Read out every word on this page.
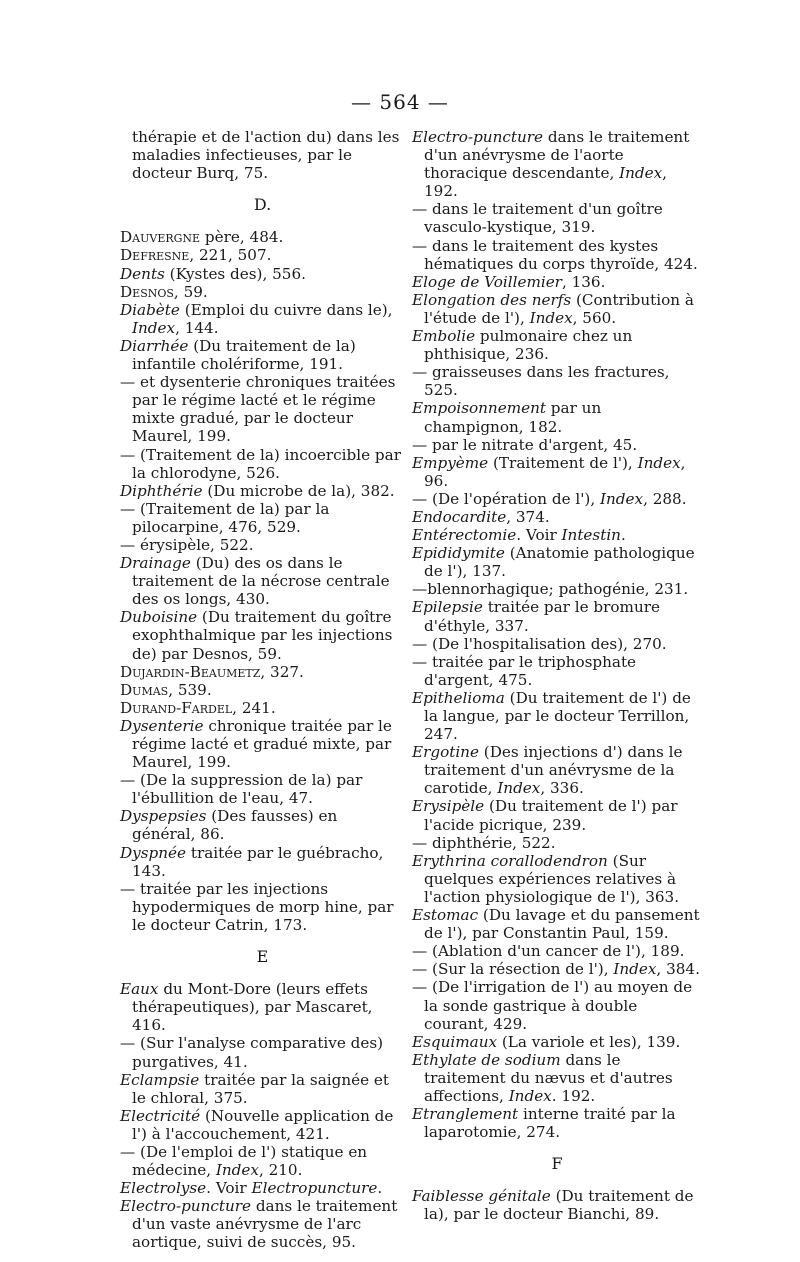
— 564 —

thérapie et de l'action du) dans les maladies infectieuses, par le docteur Burq, 75.

D.

Dauvergne père, 484.

Defresne, 221, 507.

Dents (Kystes des), 556.

Desnos, 59.

Diabète (Emploi du cuivre dans le), Index, 144.

Diarrhée (Du traitement de la) infantile cholériforme, 191.

— et dysenterie chroniques traitées par le régime lacté et le régime mixte gradué, par le docteur Maurel, 199.

— (Traitement de la) incoercible par la chlorodyne, 526.

Diphthérie (Du microbe de la), 382.

— (Traitement de la) par la pilocarpine, 476, 529.

— érysipèle, 522.

Drainage (Du) des os dans le traitement de la nécrose centrale des os longs, 430.

Duboisine (Du traitement du goître exophthalmique par les injections de) par Desnos, 59.

Dujardin-Beaumetz, 327.

Dumas, 539.

Durand-Fardel, 241.

Dysenterie chronique traitée par le régime lacté et gradué mixte, par Maurel, 199.

— (De la suppression de la) par l'ébullition de l'eau, 47.

Dyspepsies (Des fausses) en général, 86.

Dyspnée traitée par le guébracho, 143.

— traitée par les injections hypodermiques de morp hine, par le docteur Catrin, 173.

E

Eaux du Mont-Dore (leurs effets thérapeutiques), par Mascaret, 416.

— (Sur l'analyse comparative des) purgatives, 41.

Eclampsie traitée par la saignée et le chloral, 375.

Electricité (Nouvelle application de l') à l'accouchement, 421.

— (De l'emploi de l') statique en médecine, Index, 210.

Electrolyse. Voir Electropuncture.

Electro-puncture dans le traitement d'un vaste anévrysme de l'arc aortique, suivi de succès, 95.

Electro-puncture dans le traitement d'un anévrysme de l'aorte thoracique descendante, Index, 192.

— dans le traitement d'un goître vasculo-kystique, 319.

— dans le traitement des kystes hématiques du corps thyroïde, 424.

Eloge de Voillemier, 136.

Elongation des nerfs (Contribution à l'étude de l'), Index, 560.

Embolie pulmonaire chez un phthisique, 236.

— graisseuses dans les fractures, 525.

Empoisonnement par un champignon, 182.

— par le nitrate d'argent, 45.

Empyème (Traitement de l'), Index, 96.

— (De l'opération de l'), Index, 288.

Endocardite, 374.

Entérectomie. Voir Intestin.

Epididymite (Anatomie pathologique de l'), 137.

—blennorhagique; pathogénie, 231.

Epilepsie traitée par le bromure d'éthyle, 337.

— (De l'hospitalisation des), 270.

— traitée par le triphosphate d'argent, 475.

Epithelioma (Du traitement de l') de la langue, par le docteur Terrillon, 247.

Ergotine (Des injections d') dans le traitement d'un anévrysme de la carotide, Index, 336.

Erysipèle (Du traitement de l') par l'acide picrique, 239.

— diphthérie, 522.

Erythrina corallodendron (Sur quelques expériences relatives à l'action physiologique de l'), 363.

Estomac (Du lavage et du pansement de l'), par Constantin Paul, 159.

— (Ablation d'un cancer de l'), 189.

— (Sur la résection de l'), Index, 384.

— (De l'irrigation de l') au moyen de la sonde gastrique à double courant, 429.

Esquimaux (La variole et les), 139.

Ethylate de sodium dans le traitement du nævus et d'autres affections, Index. 192.

Etranglement interne traité par la laparotomie, 274.

F

Faiblesse génitale (Du traitement de la), par le docteur Bianchi, 89.
